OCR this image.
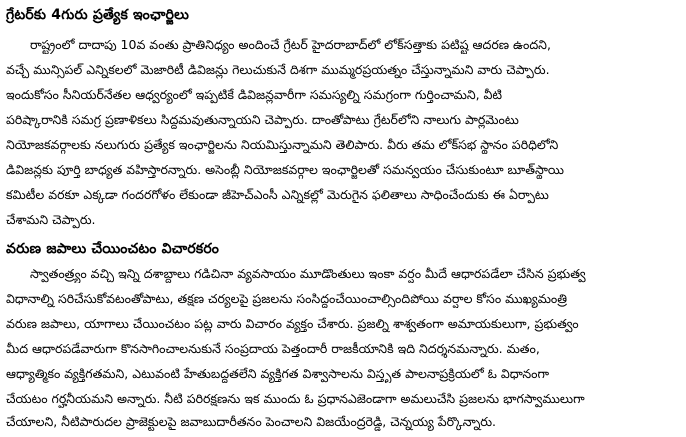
గ్రేటర్‌కు 4గురు ప్రత్యేక ఇంఛార్జిలు
రాష్ట్రంలో దాదాపు 10వ వంతు ప్రాతినిధ్యం అందించే గ్రేటర్ హైదరాబాద్‌లో లోక్‌సత్తాకు పటిష్ట ఆదరణ ఉందని,
వచ్చే మున్సిపల్ ఎన్నికలలో మెజారిటీ డివిజన్లు గెలుచుకునే దిశగా ముమ్మరప్రయత్నం చేస్తున్నామని వారు చెప్పారు.
ఇందుకోసం సీనియర్‌నేతల ఆధ్వర్యంలో ఇప్పటికే డివిజన్లవారీగా సమస్యల్ని సమగ్రంగా గుర్తించామని, వీటి
పరిష్కారానికి సమగ్ర ప్రణాళికలు సిద్ధమవుతున్నాయని చెప్పారు. దాంతోపాటు గ్రేటర్‌లోని నాలుగు పార్లమెంటు
నియోజకవర్గాలకు నలుగురు ప్రత్యేక ఇంఛార్జిలను నియమిస్తున్నామని తెలిపారు. వీరు తమ లోక్‌సభ స్థానం పరిధిలోని
డివిజన్లకు పూర్తి బాధ్యత వహిస్తారన్నారు. అసెంబ్లీ నియోజకవర్గాల ఇంఛార్జిలతో సమన్వయం చేసుకుంటూ బూత్‌స్థాయి
కమిటీల వరకూ ఎక్కడా గందరగోళం లేకుండా జీహెచ్ఎంసీ ఎన్నికల్లో మెరుగైన ఫలితాలు సాధించేందుకు ఈ ఏర్పాటు
చేశామని చెప్పారు.
వరుణ జపాలు చేయించటం విచారకరం
స్వాతంత్ర్యం వచ్చి ఇన్ని దశాబ్దాలు గడిచినా వ్యవసాయం మూడొంతులు ఇంకా వర్షం మీదే ఆధారపడేలా చేసిన ప్రభుత్వ
విధానాల్ని సరిచేసుకోవటంతోపాటు, తక్షణ చర్యలపై ప్రజలను సంసిద్ధంచేయించాల్సిందిపోయి వర్షాల కోసం ముఖ్యమంత్రి
వరుణ జపాలు, యాగాలు చేయించటం పట్ల వారు విచారం వ్యక్తం చేశారు. ప్రజల్ని శాశ్వతంగా అమాయకులుగా, ప్రభుత్వం
మీద ఆధారపడేవారుగా కొనసాగించాలనుకునే సంప్రదాయ పెత్తందారీ రాజకీయానికి ఇది నిదర్శనమన్నారు. మతం,
ఆధ్యాత్మికం వ్యక్తిగతమని, ఎటువంటి హేతుబద్ధతలేని వ్యక్తిగత విశ్వాసాలను విస్తృత పాలనాప్రక్రియలో ఓ విధానంగా
చేయటం గర్హనీయమని అన్నారు. నీటి పరిరక్షణను ఇక ముందు ఓ ప్రధానఎజెండాగా అమలుచేసి ప్రజలను భాగస్వాములుగా
చేయాలని, నీటిపారుదల ప్రాజెక్టులపై జవాబుదారీతనం పెంచాలని విజయేంద్రరెడ్డి, చెన్నయ్య పేర్కొన్నారు.
